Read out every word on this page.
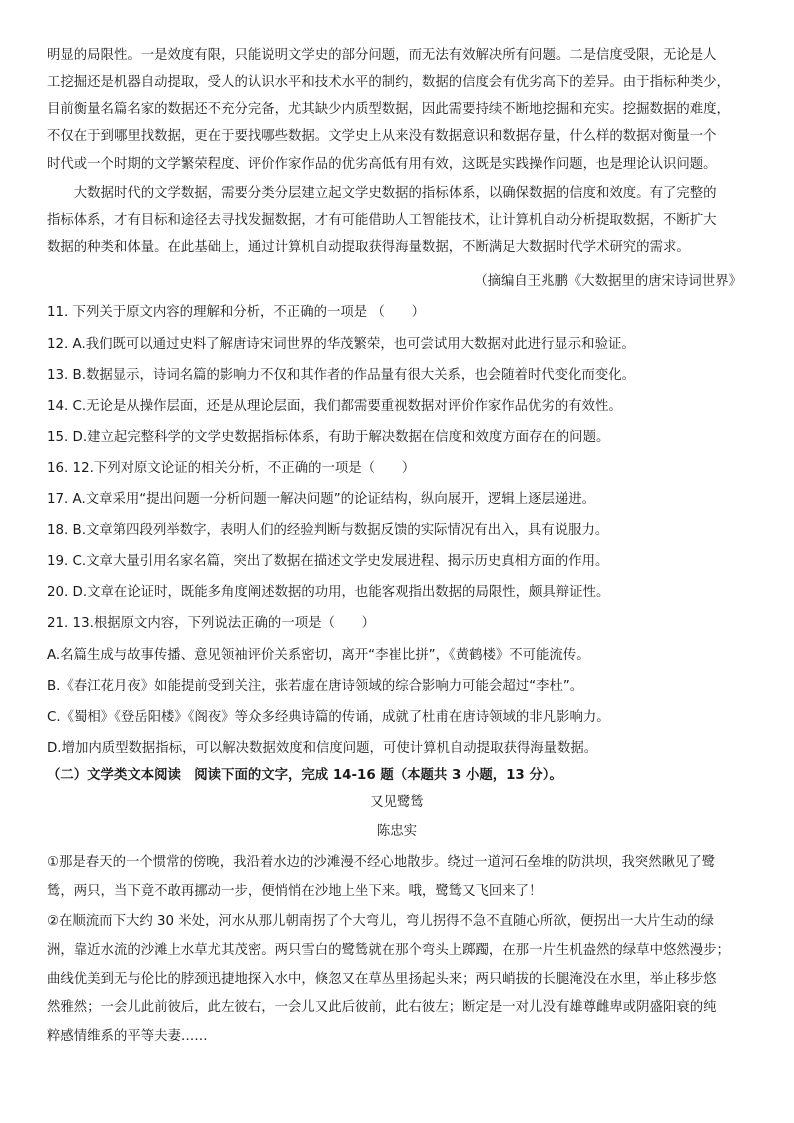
明显的局限性。一是效度有限，只能说明文学史的部分问题，而无法有效解决所有问题。二是信度受限，无论是人
工挖掘还是机器自动提取，受人的认识水平和技术水平的制约，数据的信度会有优劣高下的差异。由于指标种类少，
目前衡量名篇名家的数据还不充分完备，尤其缺少内质型数据，因此需要持续不断地挖掘和充实。挖掘数据的难度，
不仅在于到哪里找数据，更在于要找哪些数据。文学史上从来没有数据意识和数据存量，什么样的数据对衡量一个
时代或一个时期的文学繁荣程度、评价作家作品的优劣高低有用有效，这既是实践操作问题，也是理论认识问题。
　　大数据时代的文学数据，需要分类分层建立起文学史数据的指标体系，以确保数据的信度和效度。有了完整的
指标体系，才有目标和途径去寻找发掘数据，才有可能借助人工智能技术，让计算机自动分析提取数据，不断扩大
数据的种类和体量。在此基础上，通过计算机自动提取获得海量数据，不断满足大数据时代学术研究的需求。
（摘编自王兆鹏《大数据里的唐宋诗词世界》
11. 下列关于原文内容的理解和分析，不正确的一项是 （　　）
12. A.我们既可以通过史料了解唐诗宋词世界的华茂繁荣，也可尝试用大数据对此进行显示和验证。
13. B.数据显示，诗词名篇的影响力不仅和其作者的作品量有很大关系，也会随着时代变化而变化。
14. C.无论是从操作层面，还是从理论层面，我们都需要重视数据对评价作家作品优劣的有效性。
15. D.建立起完整科学的文学史数据指标体系，有助于解决数据在信度和效度方面存在的问题。
16. 12.下列对原文论证的相关分析，不正确的一项是（　　）
17. A.文章采用“提出问题一分析问题一解决问题”的论证结构，纵向展开，逻辑上逐层递进。
18. B.文章第四段列举数字，表明人们的经验判断与数据反馈的实际情况有出入，具有说服力。
19. C.文章大量引用名家名篇，突出了数据在描述文学史发展进程、揭示历史真相方面的作用。
20. D.文章在论证时，既能多角度阐述数据的功用，也能客观指出数据的局限性，颇具辩证性。
21. 13.根据原文内容，下列说法正确的一项是（　　）
A.名篇生成与故事传播、意见领袖评价关系密切，离开“李崔比拼”，《黄鹤楼》不可能流传。
B.《春江花月夜》如能提前受到关注，张若虚在唐诗领域的综合影响力可能会超过“李杜”。
C.《蜀相》《登岳阳楼》《阁夜》等众多经典诗篇的传诵，成就了杜甫在唐诗领域的非凡影响力。
D.增加内质型数据指标，可以解决数据效度和信度问题，可使计算机自动提取获得海量数据。
（二）文学类文本阅读　阅读下面的文字，完成 14-16 题（本题共 3 小题，13 分）。
又见鹭鸶
陈忠实
①那是春天的一个惯常的傍晚，我沿着水边的沙滩漫不经心地散步。绕过一道河石垒堆的防洪坝，我突然瞅见了鹭
鸶，两只，当下竟不敢再挪动一步，便悄悄在沙地上坐下来。哦，鹭鸶又飞回来了！
②在顺流而下大约 30 米处，河水从那儿朝南拐了个大弯儿，弯儿拐得不急不直随心所欲，便拐出一大片生动的绿
洲，靠近水流的沙滩上水草尤其茂密。两只雪白的鹭鸶就在那个弯头上踯躅，在那一片生机盎然的绿草中悠然漫步；
曲线优美到无与伦比的脖颈迅捷地探入水中，倏忽又在草丛里扬起头来；两只峭拔的长腿淹没在水里，举止移步悠
然雅然；一会儿此前彼后，此左彼右，一会儿又此后彼前，此右彼左；断定是一对儿没有雄尊雌卑或阴盛阳衰的纯
粹感情维系的平等夫妻……
